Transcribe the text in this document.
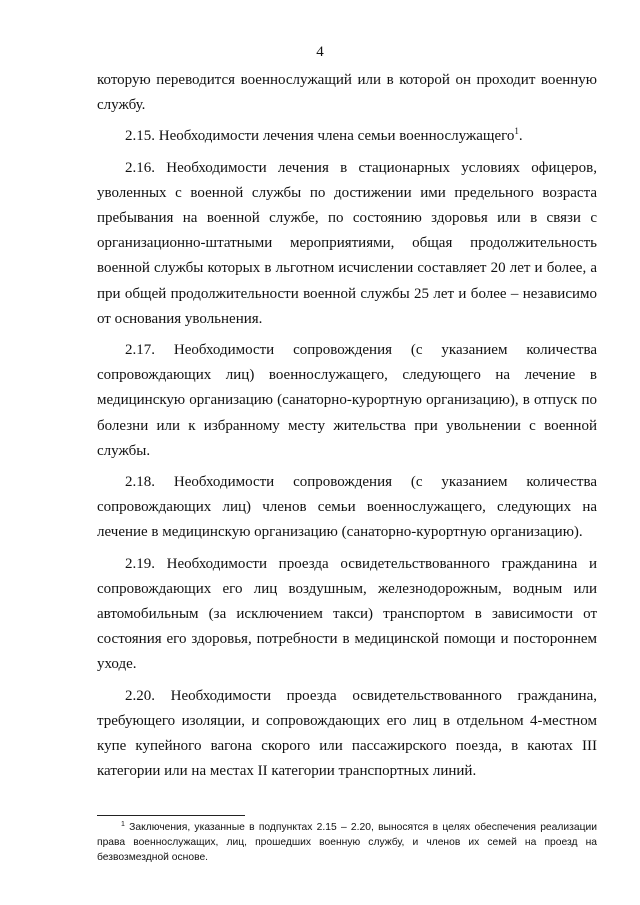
4

которую переводится военнослужащий или в которой он проходит военную службу.

2.15. Необходимости лечения члена семьи военнослужащего$^1$.

2.16. Необходимости лечения в стационарных условиях офицеров, уволенных с военной службы по достижении ими предельного возраста пребывания на военной службе, по состоянию здоровья или в связи с организационно-штатными мероприятиями, общая продолжительность военной службы которых в льготном исчислении составляет 20 лет и более, а при общей продолжительности военной службы 25 лет и более – независимо от основания увольнения.

2.17. Необходимости сопровождения (с указанием количества сопровождающих лиц) военнослужащего, следующего на лечение в медицинскую организацию (санаторно-курортную организацию), в отпуск по болезни или к избранному месту жительства при увольнении с военной службы.

2.18. Необходимости сопровождения (с указанием количества сопровождающих лиц) членов семьи военнослужащего, следующих на лечение в медицинскую организацию (санаторно-курортную организацию).

2.19. Необходимости проезда освидетельствованного гражданина и сопровождающих его лиц воздушным, железнодорожным, водным или автомобильным (за исключением такси) транспортом в зависимости от состояния его здоровья, потребности в медицинской помощи и постороннем уходе.

2.20. Необходимости проезда освидетельствованного гражданина, требующего изоляции, и сопровождающих его лиц в отдельном 4-местном купе купейного вагона скорого или пассажирского поезда, в каютах III категории или на местах II категории транспортных линий.

$^1$ Заключения, указанные в подпунктах 2.15 – 2.20, выносятся в целях обеспечения реализации права военнослужащих, лиц, прошедших военную службу, и членов их семей на проезд на безвозмездной основе.
